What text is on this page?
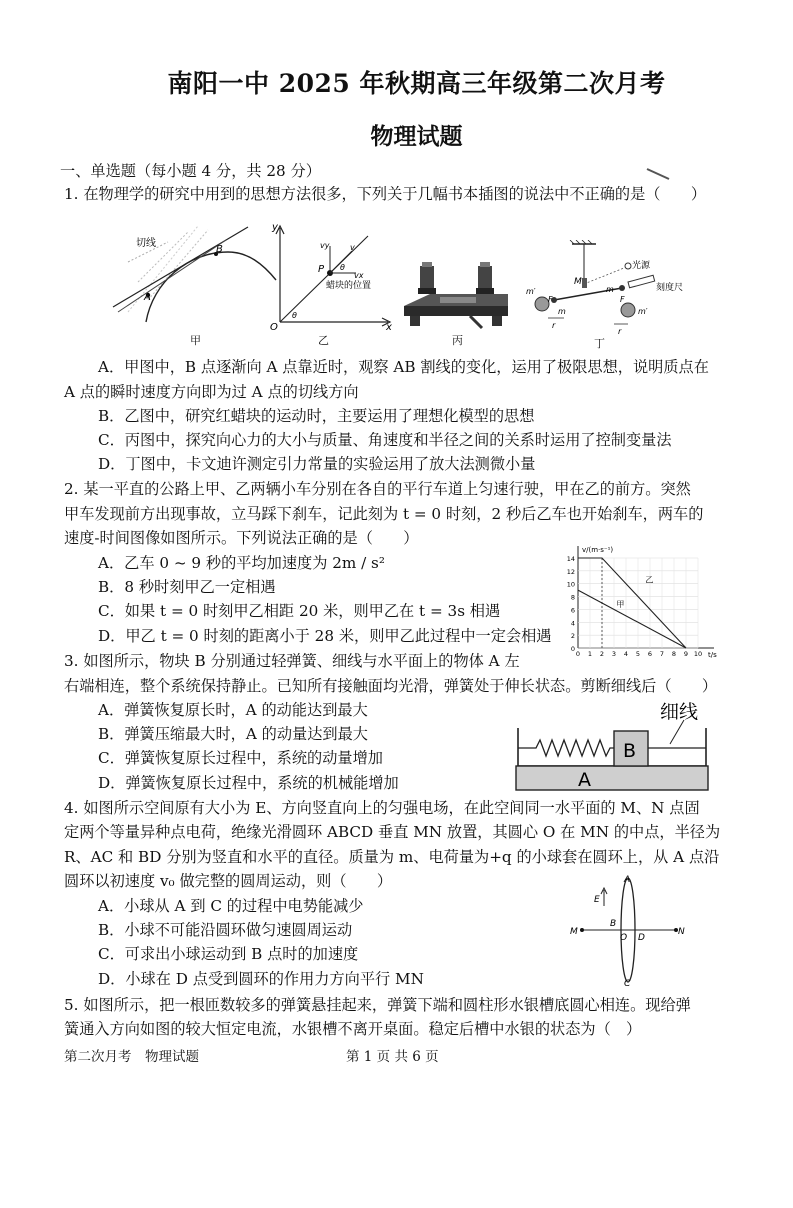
南阳一中 2025 年秋期高三年级第二次月考
物理试题
一、单选题（每小题 4 分，共 28 分）
1. 在物理学的研究中用到的思想方法很多，下列关于几幅书本插图的说法中不正确的是（　　）
切线
A
B
甲
y
x
O
P
vy	v
vx
θ
θ
蜡块的位置
乙	丙
M
光源
刻度尺
m′
m′
F	F
m
m
r
r
丁
A．甲图中，B 点逐渐向 A 点靠近时，观察 AB 割线的变化，运用了极限思想，说明质点在
A 点的瞬时速度方向即为过 A 点的切线方向
B．乙图中，研究红蜡块的运动时，主要运用了理想化模型的思想
C．丙图中，探究向心力的大小与质量、角速度和半径之间的关系时运用了控制变量法
D．丁图中，卡文迪许测定引力常量的实验运用了放大法测微小量
2. 某一平直的公路上甲、乙两辆小车分别在各自的平行车道上匀速行驶，甲在乙的前方。突然
甲车发现前方出现事故，立马踩下刹车，记此刻为 t = 0 时刻，2 秒后乙车也开始刹车，两车的
速度-时间图像如图所示。下列说法正确的是（　　）
A．乙车 0 ~ 9 秒的平均加速度为 2m / s²
B．8 秒时刻甲乙一定相遇
C．如果 t = 0 时刻甲乙相距 20 米，则甲乙在 t = 3s 相遇
D．甲乙 t = 0 时刻的距离小于 28 米，则甲乙此过程中一定会相遇
0
2
4
6
8
10
12
14
0 1 2 3 4 5 6 7 8 9 10
乙
甲
v/(m·s⁻¹)
t/s
3. 如图所示，物块 B 分别通过轻弹簧、细线与水平面上的物体 A 左
右端相连，整个系统保持静止。已知所有接触面均光滑，弹簧处于伸长状态。剪断细线后（　　）
A．弹簧恢复原长时，A 的动能达到最大
B．弹簧压缩最大时，A 的动量达到最大
C．弹簧恢复原长过程中，系统的动量增加
D．弹簧恢复原长过程中，系统的机械能增加
细线
B
A
4. 如图所示空间原有大小为 E、方向竖直向上的匀强电场，在此空间同一水平面的 M、N 点固
定两个等量异种点电荷，绝缘光滑圆环 ABCD 垂直 MN 放置，其圆心 O 在 MN 的中点，半径为
R、AC 和 BD 分别为竖直和水平的直径。质量为 m、电荷量为+q 的小球套在圆环上，从 A 点沿
圆环以初速度 v₀ 做完整的圆周运动，则（　　）
A．小球从 A 到 C 的过程中电势能减少
B．小球不可能沿圆环做匀速圆周运动
C．可求出小球运动到 B 点时的加速度
D．小球在 D 点受到圆环的作用力方向平行 MN
E
A
B
C
D
O
M	N
5. 如图所示，把一根匝数较多的弹簧悬挂起来，弹簧下端和圆柱形水银槽底圆心相连。现给弹
簧通入方向如图的较大恒定电流，水银槽不离开桌面。稳定后槽中水银的状态为（　）
第二次月考　物理试题	第 1 页 共 6 页
